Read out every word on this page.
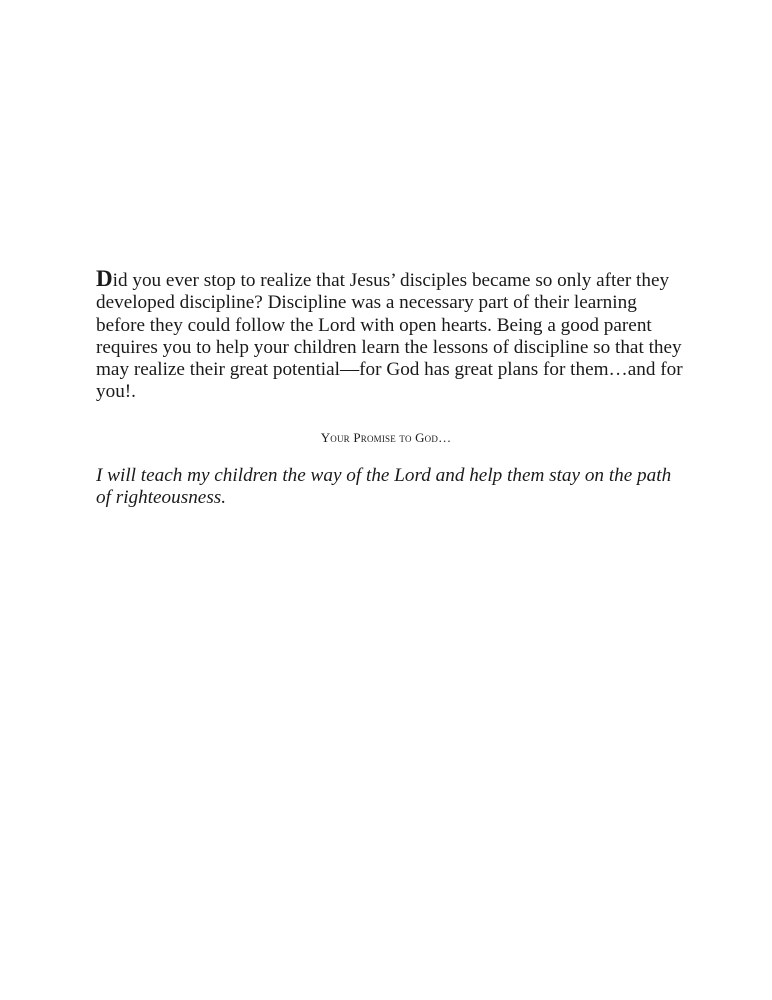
Did you ever stop to realize that Jesus’ disciples became so only after they developed discipline? Discipline was a necessary part of their learning before they could follow the Lord with open hearts. Being a good parent requires you to help your children learn the lessons of discipline so that they may realize their great potential—for God has great plans for them…and for you!.

Your Promise to God…

I will teach my children the way of the Lord and help them stay on the path of righteousness.
